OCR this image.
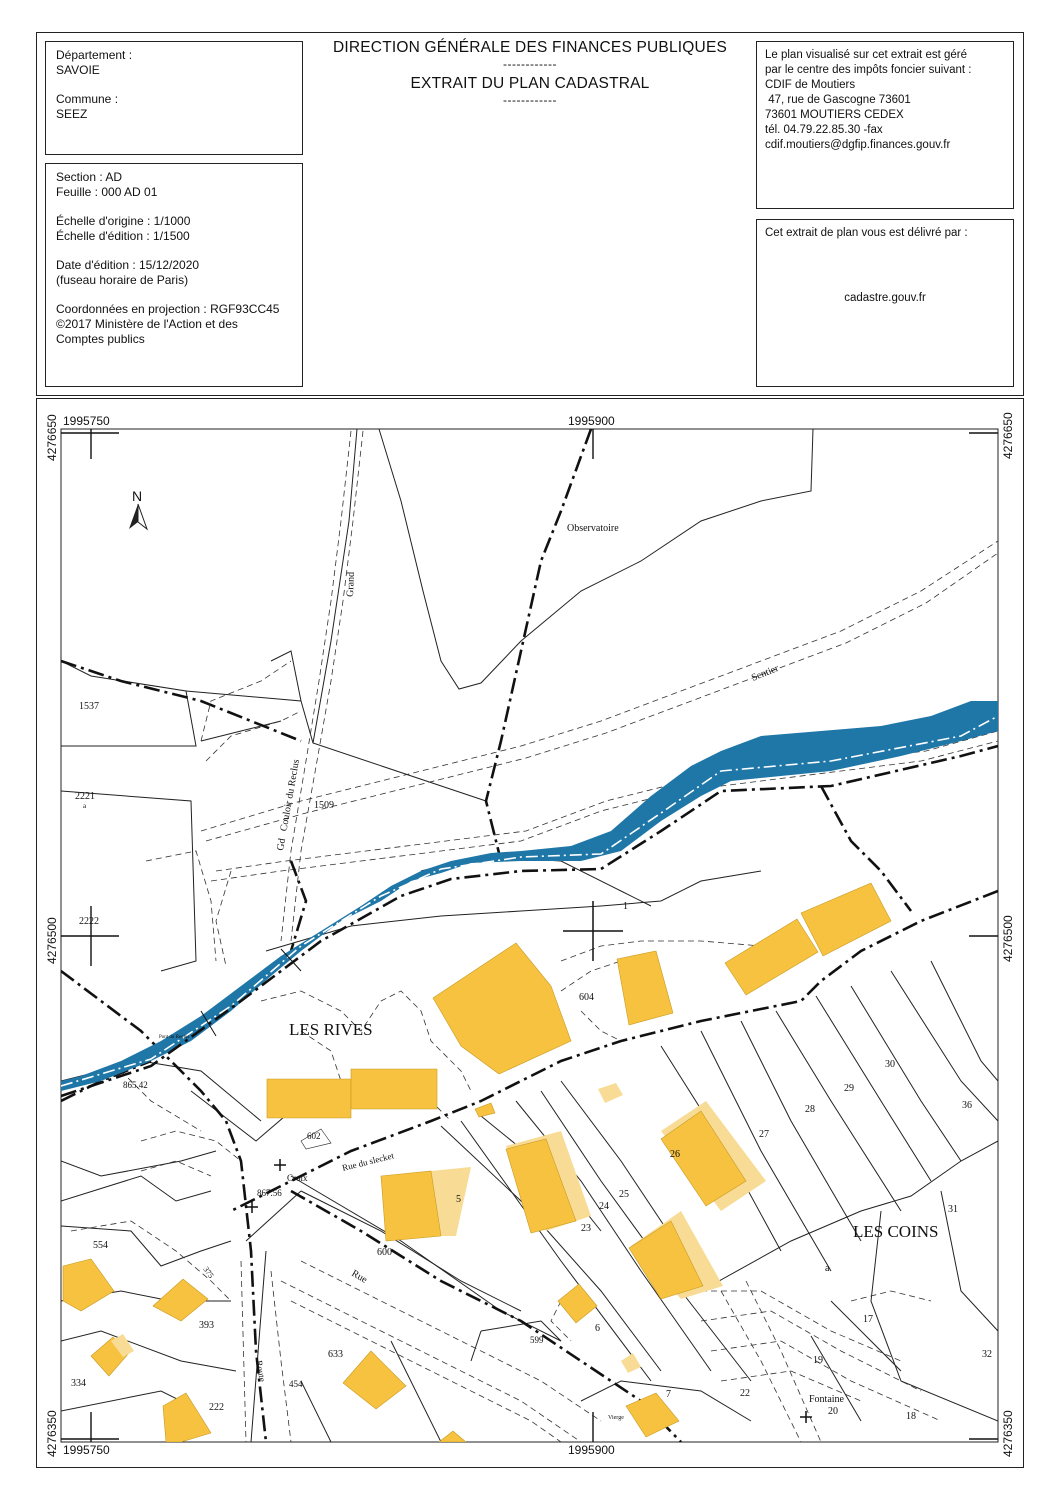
Département :
SAVOIE
Commune :
SEEZ
Section : AD
Feuille : 000 AD 01
Échelle d'origine : 1/1000
Échelle d'édition : 1/1500
Date d'édition : 15/12/2020
(fuseau horaire de Paris)
Coordonnées en projection : RGF93CC45
©2017 Ministère de l'Action et des
Comptes publics
DIRECTION GÉNÉRALE DES FINANCES PUBLIQUES
------------
EXTRAIT DU PLAN CADASTRAL
------------
Le plan visualisé sur cet extrait est géré
par le centre des impôts foncier suivant :
CDIF de Moutiers
47, rue de Gascogne 73601
73601 MOUTIERS CEDEX
tél. 04.79.22.85.30 -fax
cdif.moutiers@dgfip.finances.gouv.fr
Cet extrait de plan vous est délivré par :
cadastre.gouv.fr
N
1995750	1995900
1995750	1995900
4276650
4276500
4276350
4276650
4276500
4276350
LES RIVES
LES COINS
Observatoire
Grand
Sentier
Gd   Couloir du Reclus
Rue du slecket
Croix
Rue
Route
Fontaine
Vierge
Pont du Reclus
1537
2221
a	1509
2222
1
604
602
865.42
867.56
554
375
393
334
222
600
633
454
599
6
7
5
23
24
25
26
27
28
29
30
36
31
a
17
19
22
20	18
32
